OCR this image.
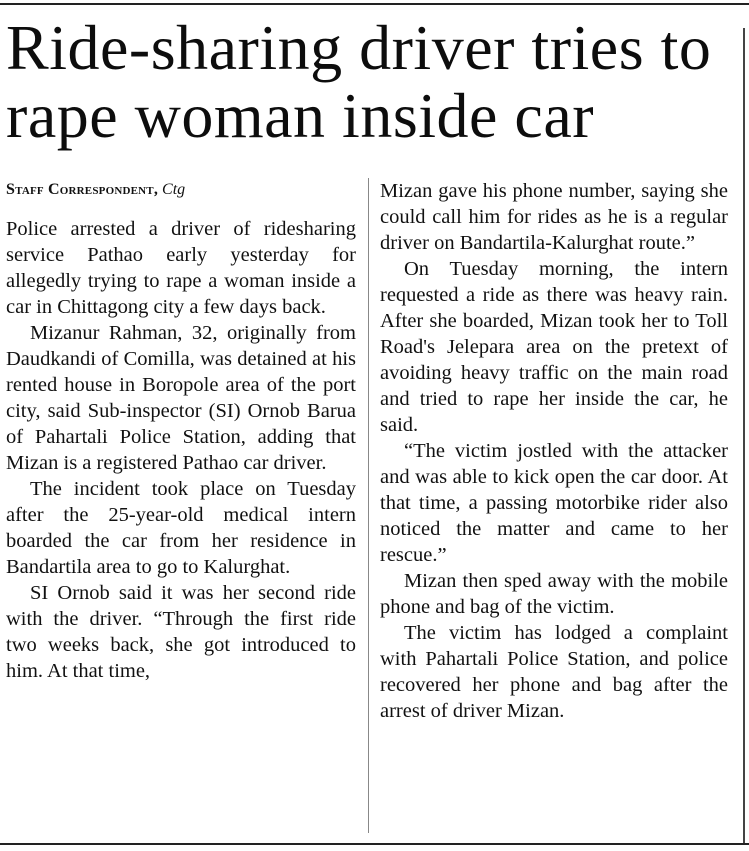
Ride-sharing driver tries to rape woman inside car
Staff Correspondent, Ctg

Police arrested a driver of ridesharing service Pathao early yesterday for allegedly trying to rape a woman inside a car in Chittagong city a few days back.

Mizanur Rahman, 32, originally from Daudkandi of Comilla, was detained at his rented house in Boropole area of the port city, said Sub-inspector (SI) Ornob Barua of Pahartali Police Station, adding that Mizan is a registered Pathao car driver.

The incident took place on Tuesday after the 25-year-old medical intern boarded the car from her residence in Bandartila area to go to Kalurghat.

SI Ornob said it was her second ride with the driver. “Through the first ride two weeks back, she got introduced to him. At that time,

Mizan gave his phone number, saying she could call him for rides as he is a regular driver on Bandartila-Kalurghat route.”

On Tuesday morning, the intern requested a ride as there was heavy rain. After she boarded, Mizan took her to Toll Road's Jelepara area on the pretext of avoiding heavy traffic on the main road and tried to rape her inside the car, he said.

“The victim jostled with the attacker and was able to kick open the car door. At that time, a passing motorbike rider also noticed the matter and came to her rescue.”

Mizan then sped away with the mobile phone and bag of the victim.

The victim has lodged a complaint with Pahartali Police Station, and police recovered her phone and bag after the arrest of driver Mizan.
